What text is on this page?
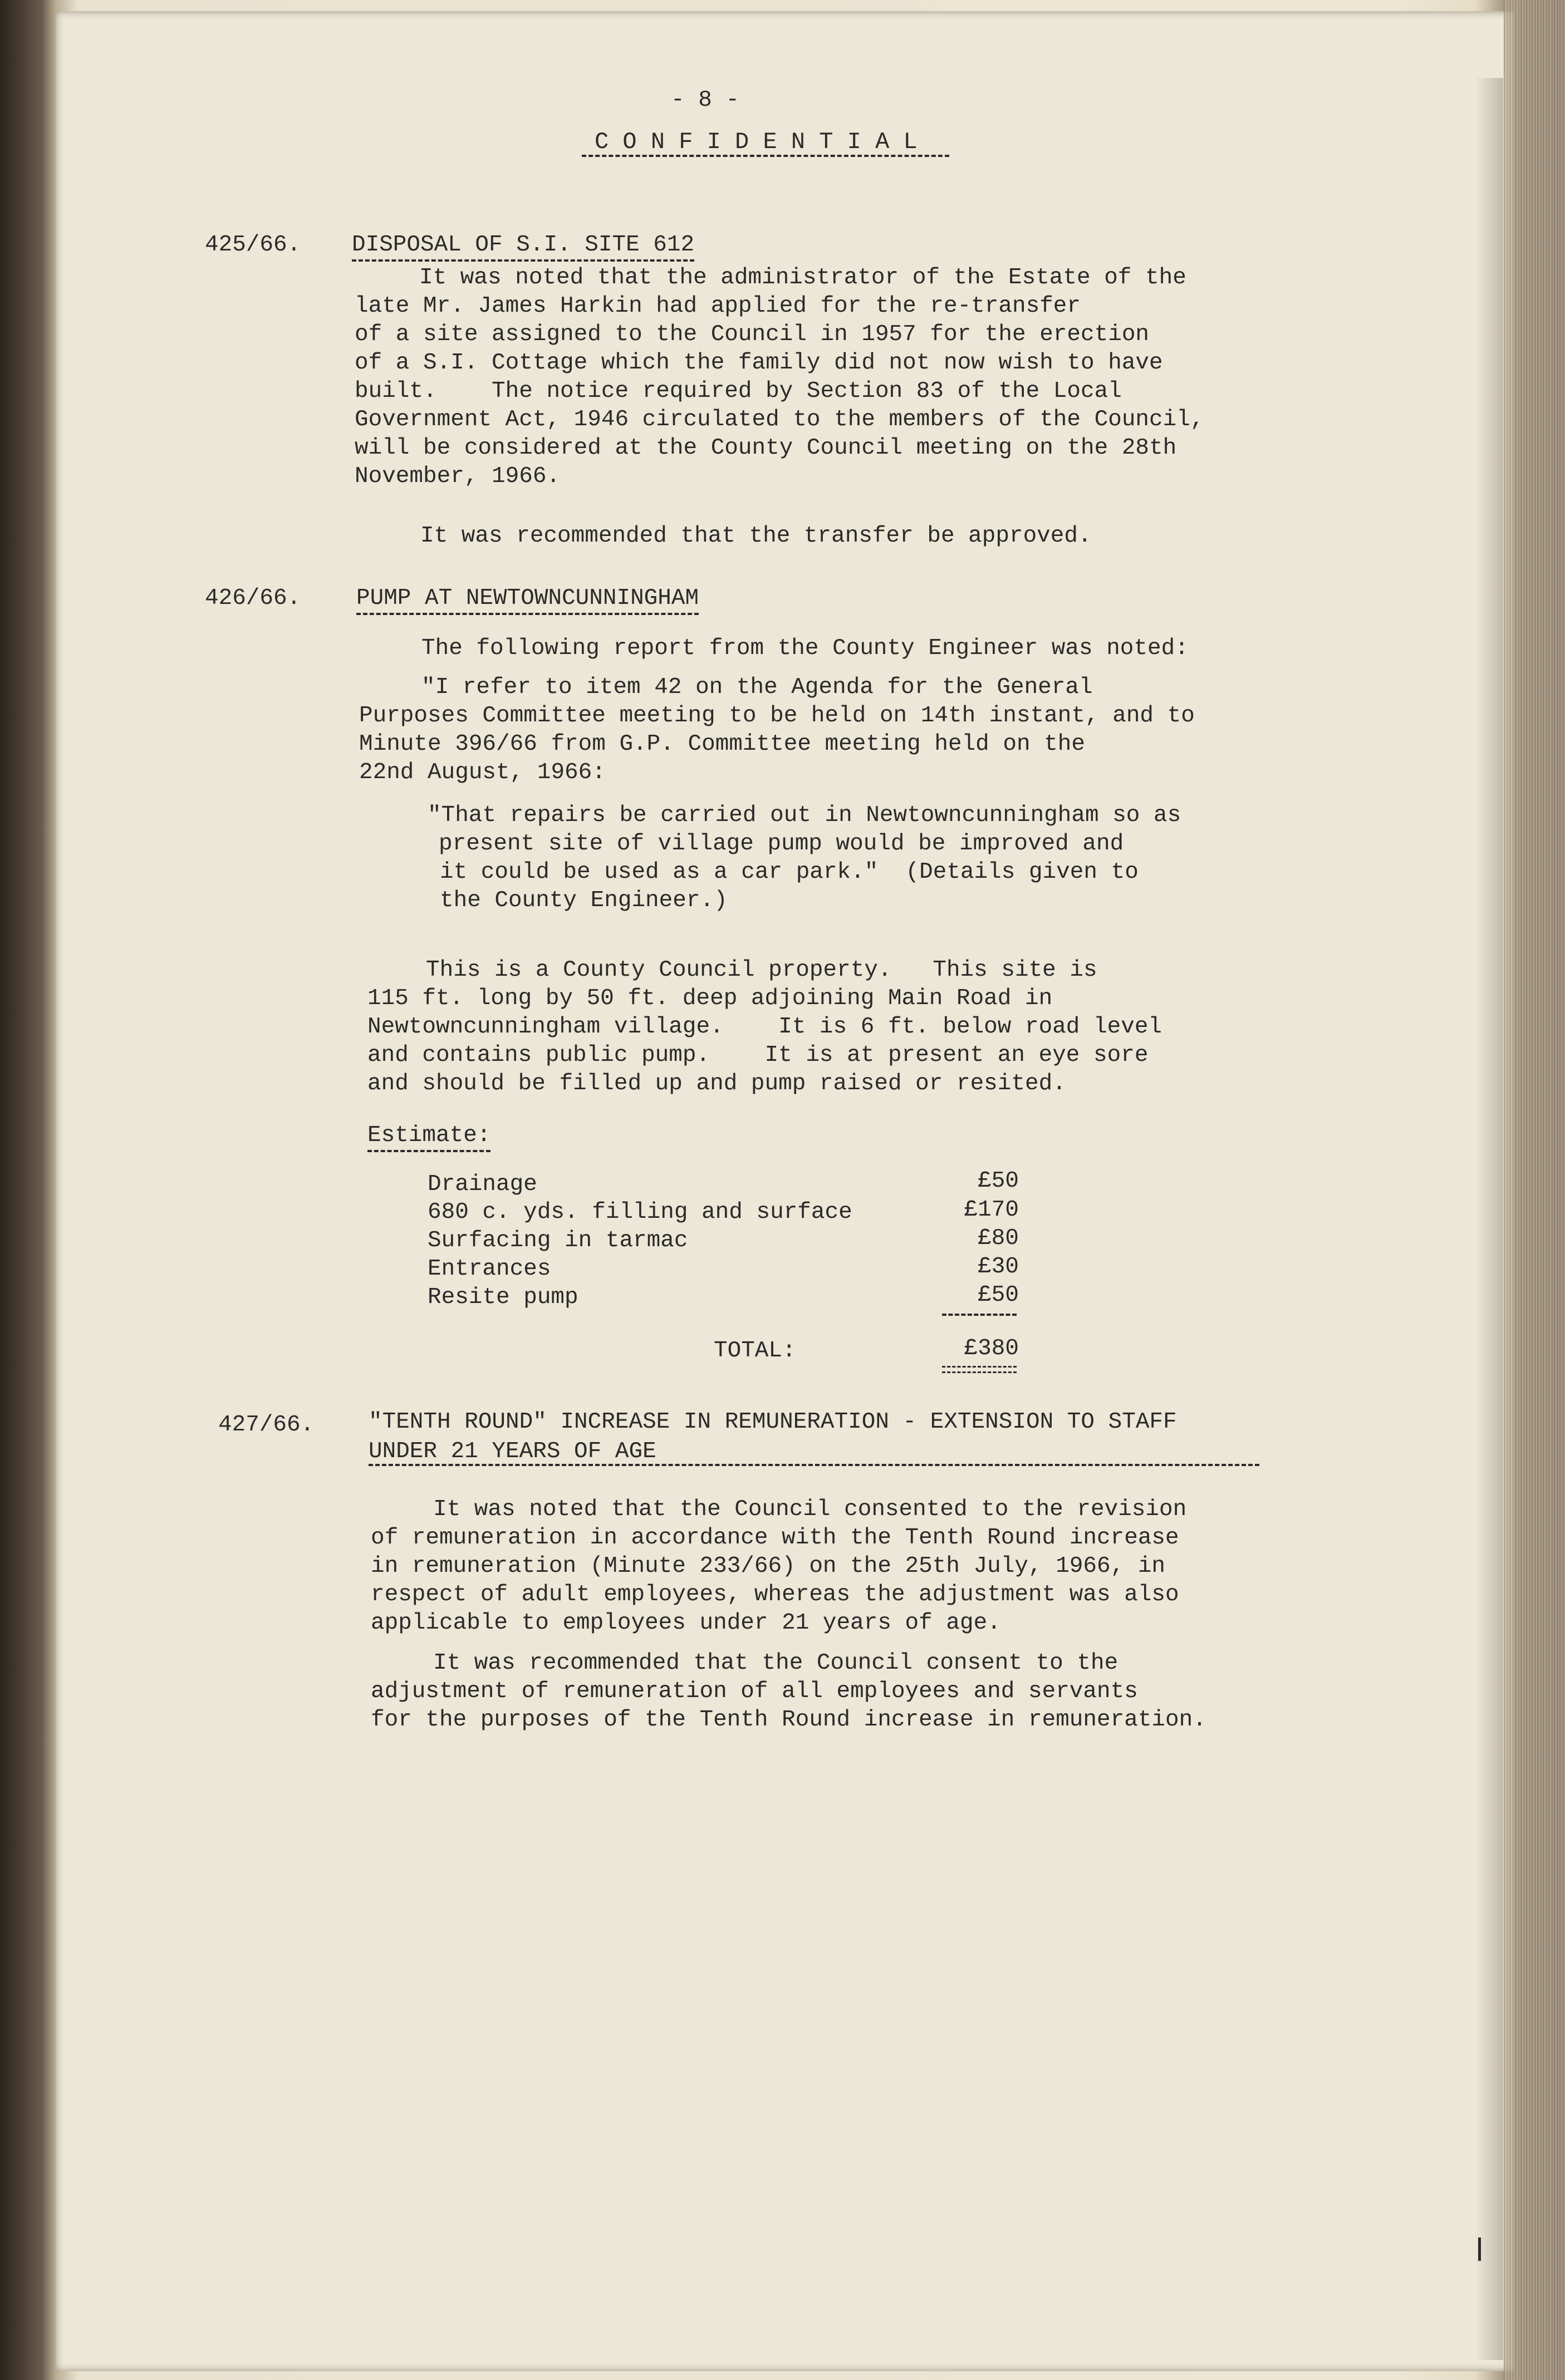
- 8 -
C O N F I D E N T I A L
425/66. DISPOSAL OF S.I. SITE 612
It was noted that the administrator of the Estate of the
late Mr. James Harkin had applied for the re-transfer
of a site assigned to the Council in 1957 for the erection
of a S.I. Cottage which the family did not now wish to have
built.    The notice required by Section 83 of the Local
Government Act, 1946 circulated to the members of the Council,
will be considered at the County Council meeting on the 28th
November, 1966.
It was recommended that the transfer be approved.
426/66. PUMP AT NEWTOWNCUNNINGHAM
The following report from the County Engineer was noted:
"I refer to item 42 on the Agenda for the General
Purposes Committee meeting to be held on 14th instant, and to
Minute 396/66 from G.P. Committee meeting held on the
22nd August, 1966:
"That repairs be carried out in Newtowncunningham so as
present site of village pump would be improved and
it could be used as a car park."  (Details given to
the County Engineer.)
This is a County Council property.   This site is
115 ft. long by 50 ft. deep adjoining Main Road in
Newtowncunningham village.    It is 6 ft. below road level
and contains public pump.    It is at present an eye sore
and should be filled up and pump raised or resited.
Estimate:
Drainage	£50
680 c. yds. filling and surface	£170
Surfacing in tarmac	£80
Entrances	£30
Resite pump	£50
TOTAL:	£380
427/66. "TENTH ROUND" INCREASE IN REMUNERATION - EXTENSION TO STAFF
UNDER 21 YEARS OF AGE
It was noted that the Council consented to the revision
of remuneration in accordance with the Tenth Round increase
in remuneration (Minute 233/66) on the 25th July, 1966, in
respect of adult employees, whereas the adjustment was also
applicable to employees under 21 years of age.
It was recommended that the Council consent to the
adjustment of remuneration of all employees and servants
for the purposes of the Tenth Round increase in remuneration.
